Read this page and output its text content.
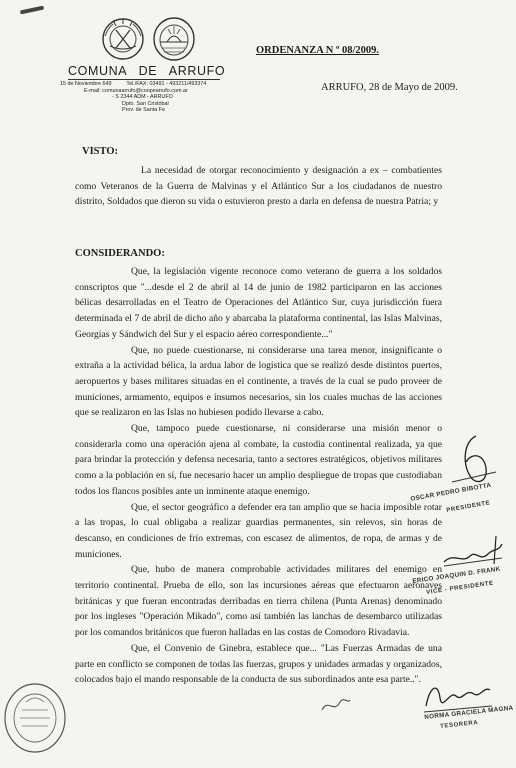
COMUNA   DE   ARRUFO
15 de Noviembre 649          Tel./FAX: 03491 - 493211/493374
E-mail: comunaarrufo@coopearrufo.com.ar
- S 2344 ADM - ARRUFO
Dpto. San Cristóbal
Prov. de Santa Fe
ORDENANZA N º 08/2009.
ARRUFO, 28 de Mayo de 2009.
VISTO:

La necesidad de otorgar reconocimiento y designación a ex – combatientes como Veteranos de la Guerra de Malvinas y el Atlántico Sur a los ciudadanos de nuestro distrito, Soldados que dieron su vida o estuvieron presto a darla en defensa de nuestra Patria; y

CONSIDERANDO:

Que, la legislación vigente reconoce como veterano de guerra a los soldados conscriptos que "...desde el 2 de abril al 14 de junio de 1982 participaron en las acciones bélicas desarrolladas en el Teatro de Operaciones del Atlántico Sur, cuya jurisdicción fuera determinada el 7 de abril de dicho año y abarcaba la plataforma continental, las Islas Malvinas, Georgias y Sándwich del Sur y el espacio aéreo correspondiente..."

Que, no puede cuestionarse, ni considerarse una tarea menor, insignificante o extraña a la actividad bélica, la ardua labor de logística que se realizó desde distintos puertos, aeropuertos y bases militares situadas en el continente, a través de la cual se pudo proveer de municiones, armamento, equipos e insumos necesarios, sin los cuales muchas de las acciones que se realizaron en las Islas no hubiesen podido llevarse a cabo.

Que, tampoco puede cuestionarse, ni considerarse una misión menor o considerarla como una operación ajena al combate, la custodia continental realizada, ya que para brindar la protección y defensa necesaria, tanto a sectores estratégicos, objetivos militares como a la población en sí, fue necesario hacer un amplio despliegue de tropas que custodiaban todos los flancos posibles ante un inminente ataque enemigo.

Que, el sector geográfico a defender era tan amplio que se hacia imposible rotar a las tropas, lo cual obligaba a realizar guardias permanentes, sin relevos, sin horas de descanso, en condiciones de frío extremas, con escasez de alimentos, de ropa, de armas y de municiones.

Que, hubo de manera comprobable actividades militares del enemigo en territorio continental. Prueba de ello, son las incursiones aéreas que efectuaron aeronaves británicas y que fueran encontradas derribadas en tierra chilena (Punta Arenas) denominado por los ingleses "Operación Mikado", como así también las lanchas de desembarco utilizadas por los comandos británicos que fueron halladas en las costas de Comodoro Rivadavia.

Que, el Convenio de Ginebra, establece que... "Las Fuerzas Armadas de una parte en conflicto se componen de todas las fuerzas, grupos y unidades armadas y organizados, colocados bajo el mando responsable de la conducta de sus subordinados ante esa parte..".

OSCAR PEDRO BIBOTTA
PRESIDENTE
ERICO JOAQUIN D. FRANK
VICE - PRESIDENTE
NORMA GRACIELA MAGNA
TESORERA
